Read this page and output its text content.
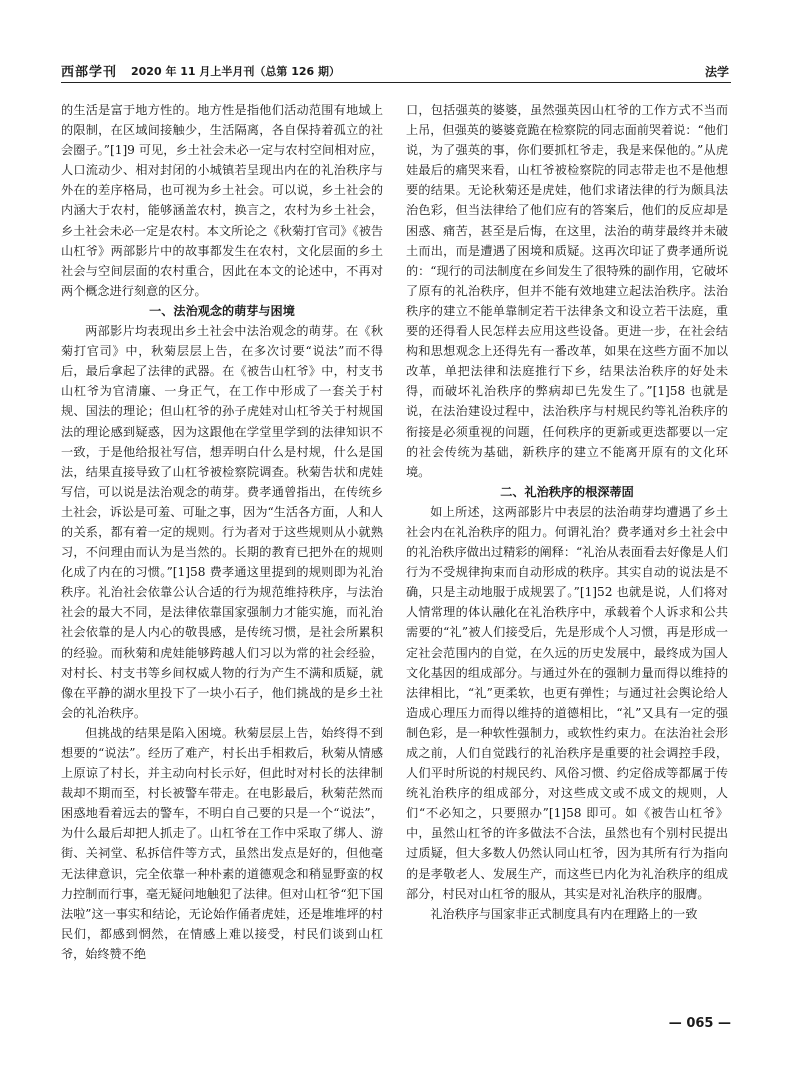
西部学刊 2020 年 11 月上半月刊（总第 126 期）	法学

的生活是富于地方性的。地方性是指他们活动范围有地域上的限制，在区域间接触少，生活隔离，各自保持着孤立的社会圈子。”[1]9 可见，乡土社会未必一定与农村空间相对应，人口流动少、相对封闭的小城镇若呈现出内在的礼治秩序与外在的差序格局，也可视为乡土社会。可以说，乡土社会的内涵大于农村，能够涵盖农村，换言之，农村为乡土社会，乡土社会未必一定是农村。本文所论之《秋菊打官司》《被告山杠爷》两部影片中的故事都发生在农村，文化层面的乡土社会与空间层面的农村重合，因此在本文的论述中，不再对两个概念进行刻意的区分。

一、法治观念的萌芽与困境

两部影片均表现出乡土社会中法治观念的萌芽。在《秋菊打官司》中，秋菊层层上告，在多次讨要“说法”而不得后，最后拿起了法律的武器。在《被告山杠爷》中，村支书山杠爷为官清廉、一身正气，在工作中形成了一套关于村规、国法的理论；但山杠爷的孙子虎娃对山杠爷关于村规国法的理论感到疑惑，因为这跟他在学堂里学到的法律知识不一致，于是他给报社写信，想弄明白什么是村规，什么是国法，结果直接导致了山杠爷被检察院调查。秋菊告状和虎娃写信，可以说是法治观念的萌芽。费孝通曾指出，在传统乡土社会，诉讼是可羞、可耻之事，因为“生活各方面，人和人的关系，都有着一定的规则。行为者对于这些规则从小就熟习，不问理由而认为是当然的。长期的教育已把外在的规则化成了内在的习惯。”[1]58 费孝通这里提到的规则即为礼治秩序。礼治社会依靠公认合适的行为规范维持秩序，与法治社会的最大不同，是法律依靠国家强制力才能实施，而礼治社会依靠的是人内心的敬畏感，是传统习惯，是社会所累积的经验。而秋菊和虎娃能够跨越人们习以为常的社会经验，对村长、村支书等乡间权威人物的行为产生不满和质疑，就像在平静的湖水里投下了一块小石子，他们挑战的是乡土社会的礼治秩序。

但挑战的结果是陷入困境。秋菊层层上告，始终得不到想要的“说法”。经历了难产，村长出手相救后，秋菊从情感上原谅了村长，并主动向村长示好，但此时对村长的法律制裁却不期而至，村长被警车带走。在电影最后，秋菊茫然而困惑地看着远去的警车，不明白自己要的只是一个“说法”，为什么最后却把人抓走了。山杠爷在工作中采取了绑人、游街、关祠堂、私拆信件等方式，虽然出发点是好的，但他毫无法律意识，完全依靠一种朴素的道德观念和稍显野蛮的权力控制而行事，毫无疑问地触犯了法律。但对山杠爷“犯下国法啦”这一事实和结论，无论始作俑者虎娃，还是堆堆坪的村民们，都感到惘然，在情感上难以接受，村民们谈到山杠爷，始终赞不绝

口，包括强英的婆婆，虽然强英因山杠爷的工作方式不当而上吊，但强英的婆婆竟跪在检察院的同志面前哭着说：“他们说，为了强英的事，你们要抓杠爷走，我是来保他的。”从虎娃最后的痛哭来看，山杠爷被检察院的同志带走也不是他想要的结果。无论秋菊还是虎娃，他们求诸法律的行为颇具法治色彩，但当法律给了他们应有的答案后，他们的反应却是困惑、痛苦，甚至是后悔，在这里，法治的萌芽最终并未破土而出，而是遭遇了困境和质疑。这再次印证了费孝通所说的：“现行的司法制度在乡间发生了很特殊的副作用，它破坏了原有的礼治秩序，但并不能有效地建立起法治秩序。法治秩序的建立不能单靠制定若干法律条文和设立若干法庭，重要的还得看人民怎样去应用这些设备。更进一步，在社会结构和思想观念上还得先有一番改革，如果在这些方面不加以改革，单把法律和法庭推行下乡，结果法治秩序的好处未得，而破坏礼治秩序的弊病却已先发生了。”[1]58 也就是说，在法治建设过程中，法治秩序与村规民约等礼治秩序的衔接是必须重视的问题，任何秩序的更新或更迭都要以一定的社会传统为基础，新秩序的建立不能离开原有的文化环境。

二、礼治秩序的根深蒂固

如上所述，这两部影片中表层的法治萌芽均遭遇了乡土社会内在礼治秩序的阻力。何谓礼治？费孝通对乡土社会中的礼治秩序做出过精彩的阐释：“礼治从表面看去好像是人们行为不受规律拘束而自动形成的秩序。其实自动的说法是不确，只是主动地服于成规罢了。”[1]52 也就是说，人们将对人情常理的体认融化在礼治秩序中，承载着个人诉求和公共需要的“礼”被人们接受后，先是形成个人习惯，再是形成一定社会范围内的自觉，在久远的历史发展中，最终成为国人文化基因的组成部分。与通过外在的强制力量而得以维持的法律相比，“礼”更柔软，也更有弹性；与通过社会舆论给人造成心理压力而得以维持的道德相比，“礼”又具有一定的强制色彩，是一种软性强制力，或软性约束力。在法治社会形成之前，人们自觉践行的礼治秩序是重要的社会调控手段，人们平时所说的村规民约、风俗习惯、约定俗成等都属于传统礼治秩序的组成部分，对这些成文或不成文的规则，人们“不必知之，只要照办”[1]58 即可。如《被告山杠爷》中，虽然山杠爷的许多做法不合法，虽然也有个别村民提出过质疑，但大多数人仍然认同山杠爷，因为其所有行为指向的是孝敬老人、发展生产，而这些已内化为礼治秩序的组成部分，村民对山杠爷的服从，其实是对礼治秩序的服膺。

礼治秩序与国家非正式制度具有内在理路上的一致

— 065 —
